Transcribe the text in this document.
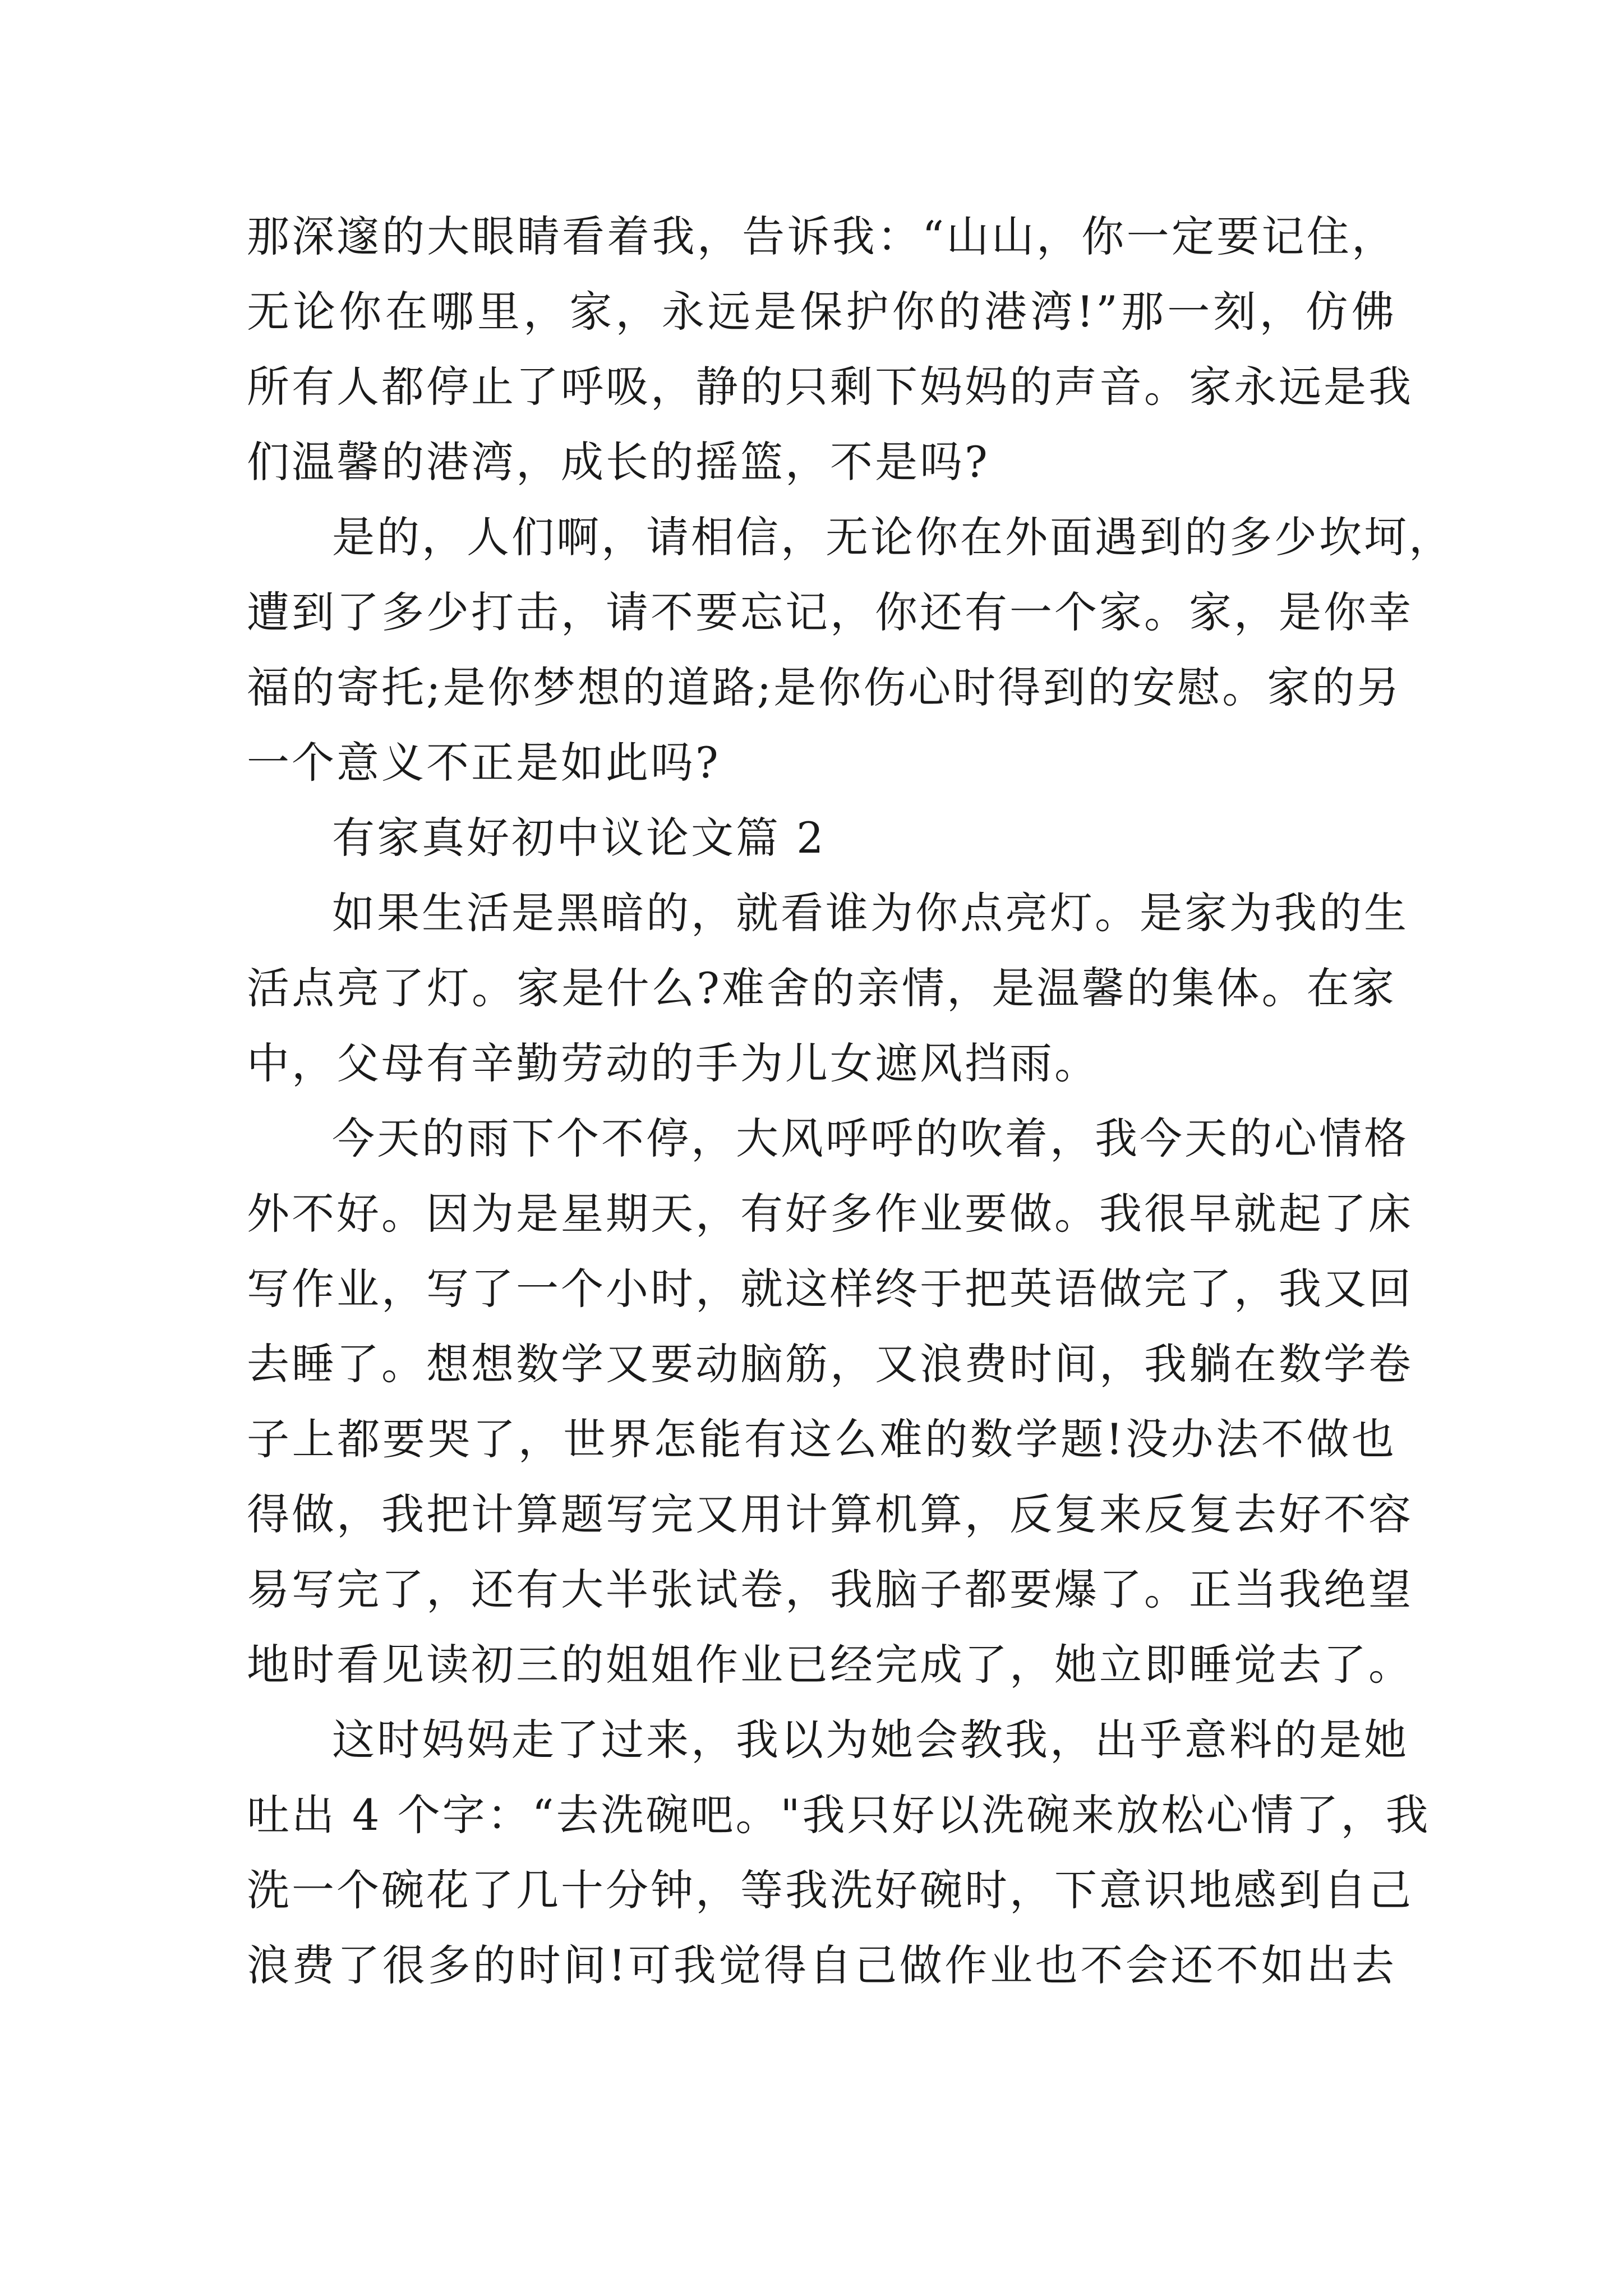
那深邃的大眼睛看着我，告诉我：“山山，你一定要记住，
无论你在哪里，家，永远是保护你的港湾!”那一刻，仿佛
所有人都停止了呼吸，静的只剩下妈妈的声音。家永远是我
们温馨的港湾，成长的摇篮，不是吗?
是的，人们啊，请相信，无论你在外面遇到的多少坎坷，
遭到了多少打击，请不要忘记，你还有一个家。家，是你幸
福的寄托;是你梦想的道路;是你伤心时得到的安慰。家的另
一个意义不正是如此吗?
有家真好初中议论文篇 2
如果生活是黑暗的，就看谁为你点亮灯。是家为我的生
活点亮了灯。家是什么?难舍的亲情，是温馨的集体。在家
中，父母有辛勤劳动的手为儿女遮风挡雨。
今天的雨下个不停，大风呼呼的吹着，我今天的心情格
外不好。因为是星期天，有好多作业要做。我很早就起了床
写作业，写了一个小时，就这样终于把英语做完了，我又回
去睡了。想想数学又要动脑筋，又浪费时间，我躺在数学卷
子上都要哭了，世界怎能有这么难的数学题!没办法不做也
得做，我把计算题写完又用计算机算，反复来反复去好不容
易写完了，还有大半张试卷，我脑子都要爆了。正当我绝望
地时看见读初三的姐姐作业已经完成了，她立即睡觉去了。
这时妈妈走了过来，我以为她会教我，出乎意料的是她
吐出 4 个字：“去洗碗吧。"我只好以洗碗来放松心情了，我
洗一个碗花了几十分钟，等我洗好碗时，下意识地感到自己
浪费了很多的时间!可我觉得自己做作业也不会还不如出去
